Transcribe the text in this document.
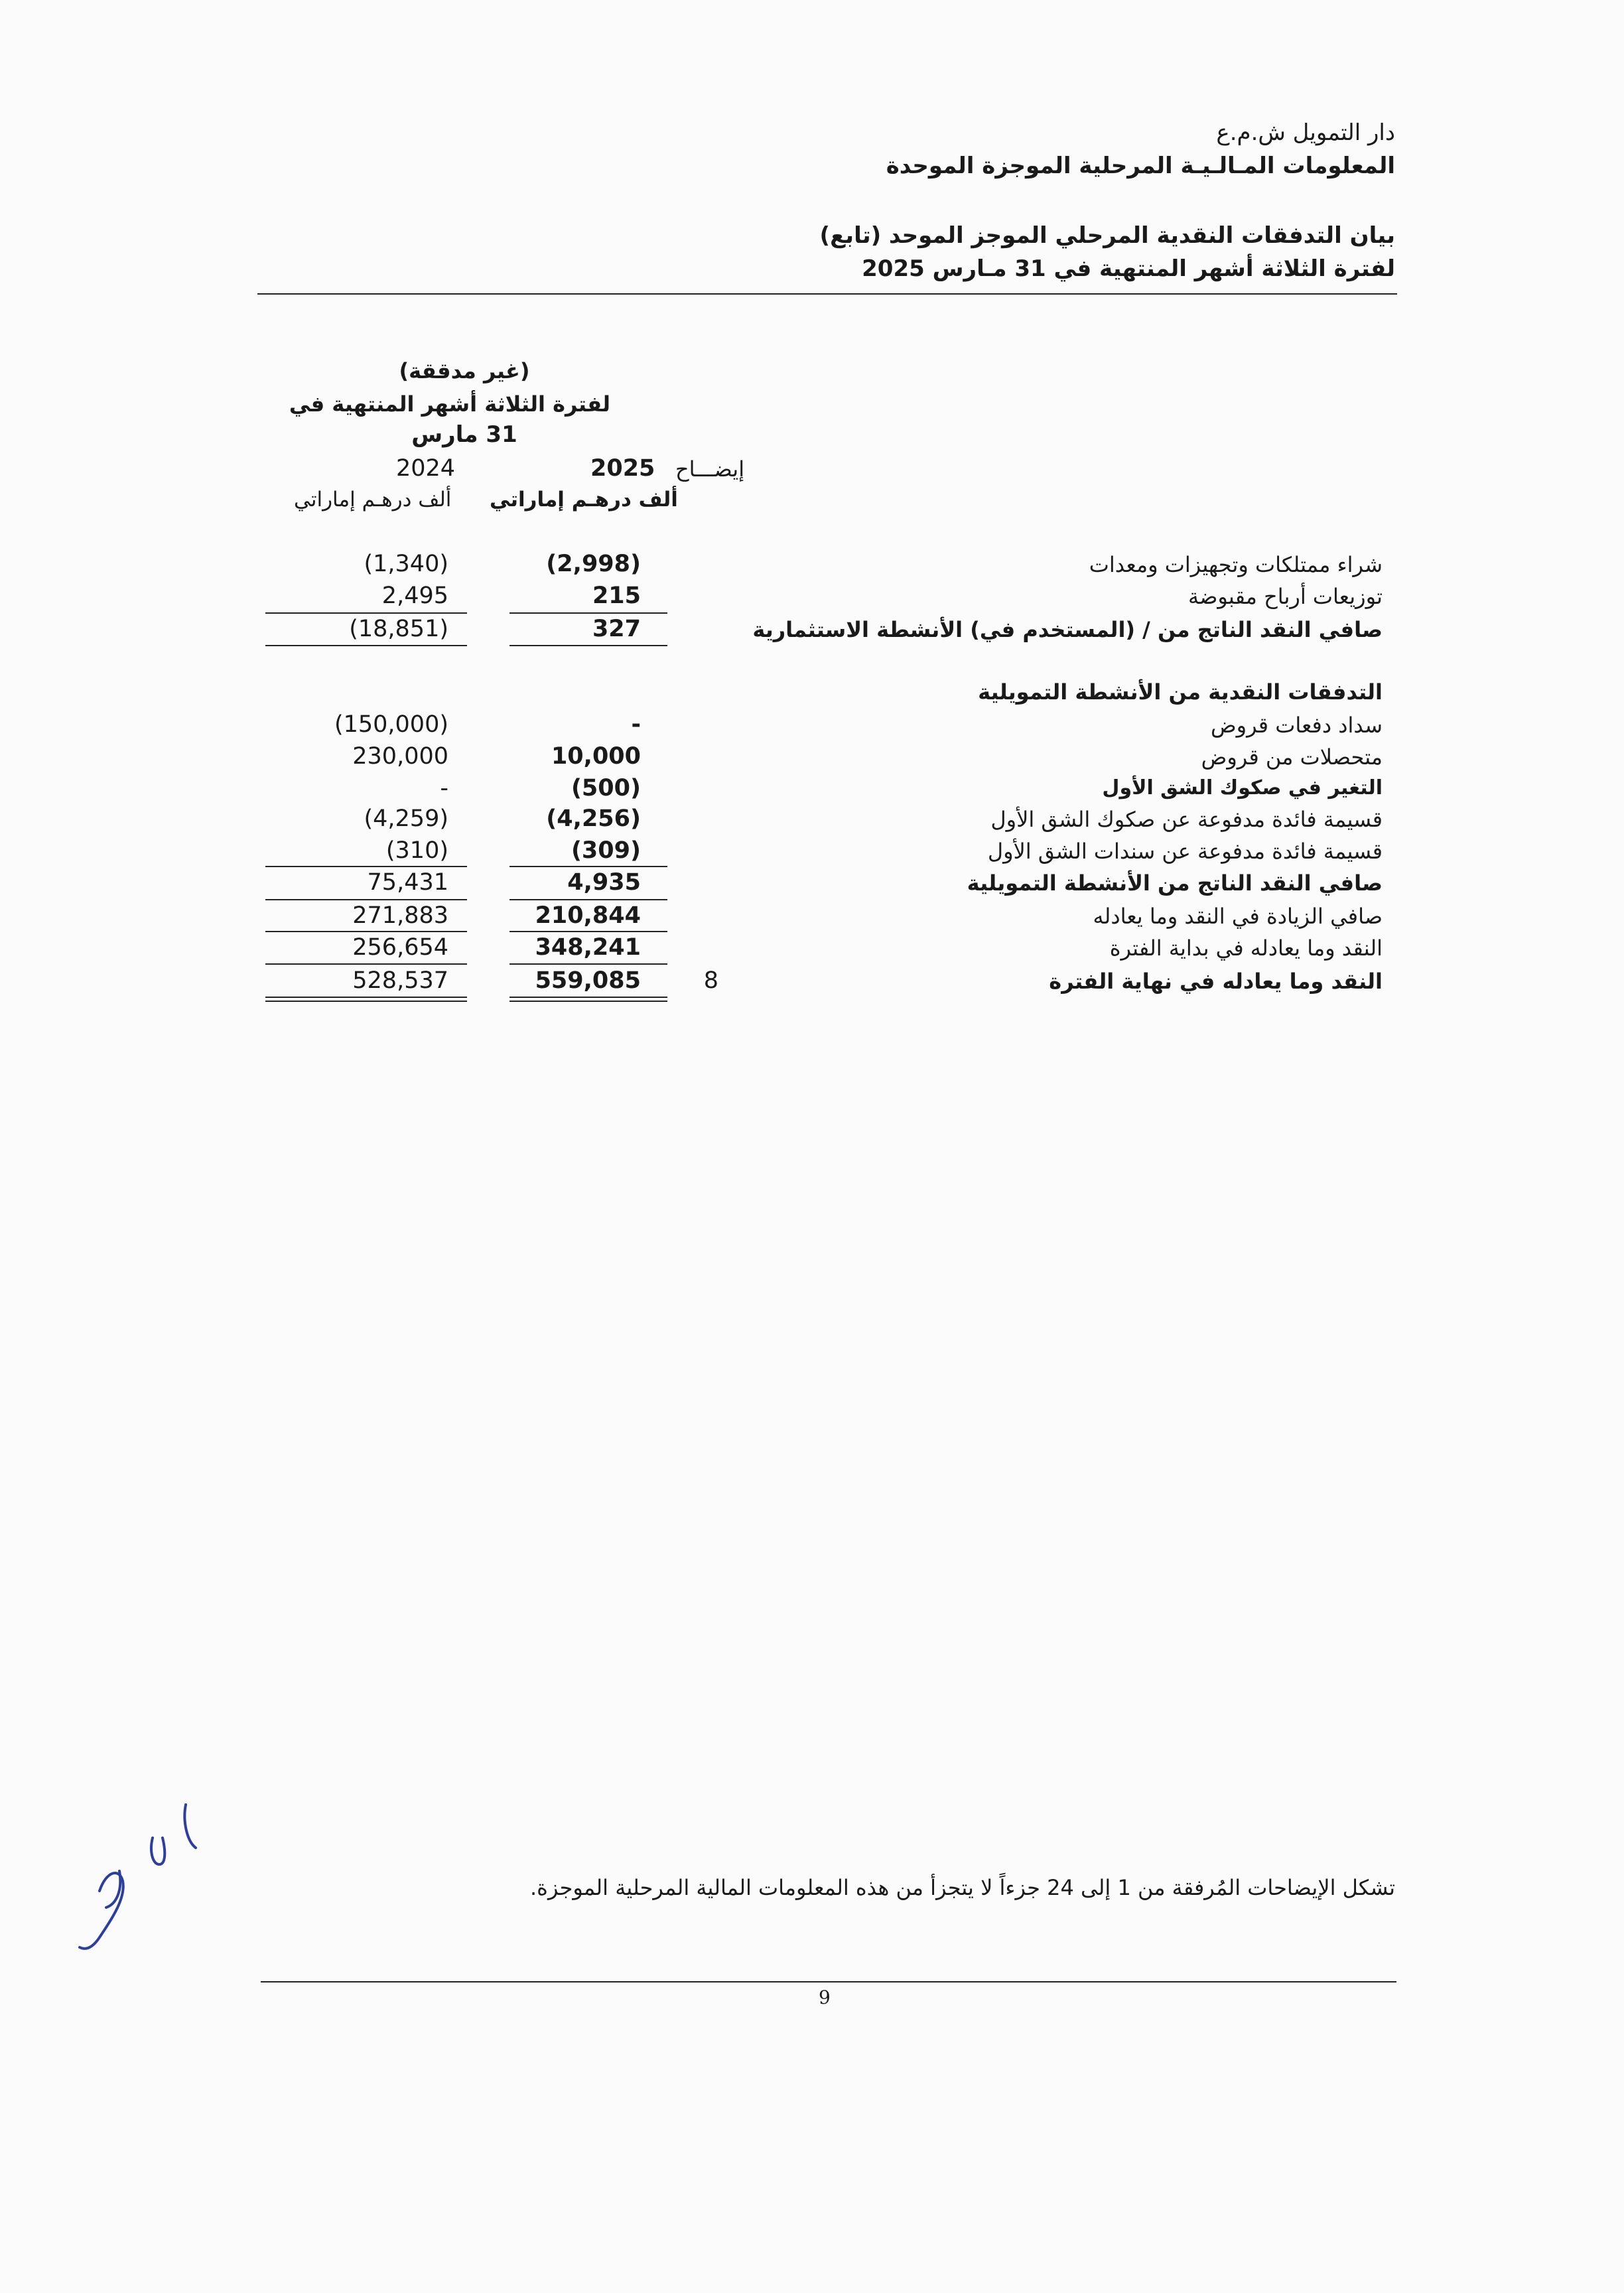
دار التمويل ش.م.ع
المعلومات المـالـيـة المرحلية الموجزة الموحدة
بيان التدفقات النقدية المرحلي الموجز الموحد (تابع)
لفترة الثلاثة أشهر المنتهية في 31 مـارس 2025
(غير مدققة)
لفترة الثلاثة أشهر المنتهية في
31 مارس
إيضـــاح
2025
2024
ألف درهـم إماراتي
ألف درهـم إماراتي
شراء ممتلكات وتجهيزات ومعدات
(2,998)
(1,340)
توزيعات أرباح مقبوضة
215
2,495
صافي النقد الناتج من / (المستخدم في) الأنشطة الاستثمارية
327
(18,851)
التدفقات النقدية من الأنشطة التمويلية
سداد دفعات قروض
-
(150,000)
متحصلات من قروض
10,000
230,000
التغير في صكوك الشق الأول
(500)
-
قسيمة فائدة مدفوعة عن صكوك الشق الأول
(4,256)
(4,259)
قسيمة فائدة مدفوعة عن سندات الشق الأول
(309)
(310)
صافي النقد الناتج من الأنشطة التمويلية
4,935
75,431
صافي الزيادة في النقد وما يعادله
210,844
271,883
النقد وما يعادله في بداية الفترة
348,241
256,654
النقد وما يعادله في نهاية الفترة
559,085
528,537	8
تشكل الإيضاحات المُرفقة من 1 إلى 24 جزءاً لا يتجزأ من هذه المعلومات المالية المرحلية الموجزة.
9
